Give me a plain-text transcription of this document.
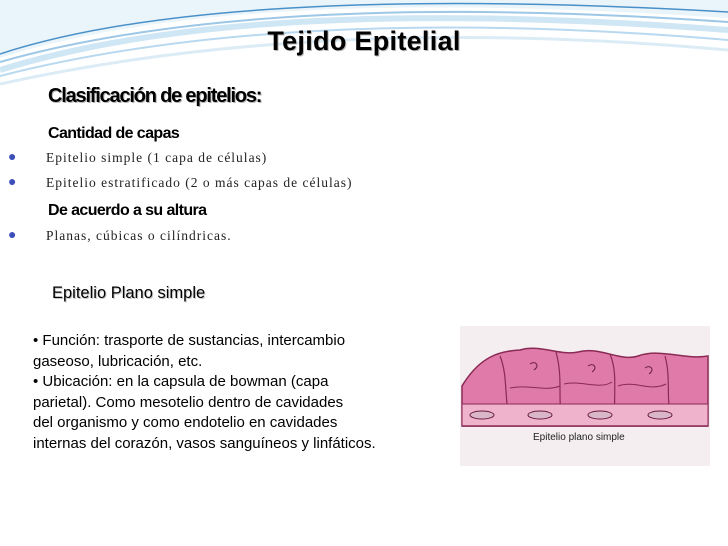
Tejido Epitelial
Clasificación de epitelios:
Cantidad de capas
● Epitelio simple (1 capa de células)
● Epitelio estratificado (2 o más capas de células)
De acuerdo a su altura
● Planas, cúbicas o cilíndricas.
Epitelio Plano simple
• Función: trasporte de sustancias, intercambio
gaseoso, lubricación, etc.
• Ubicación: en la capsula de bowman (capa
parietal). Como mesotelio dentro de cavidades
del organismo y como endotelio en cavidades
internas del corazón, vasos sanguíneos y linfáticos.	Epitelio plano simple
